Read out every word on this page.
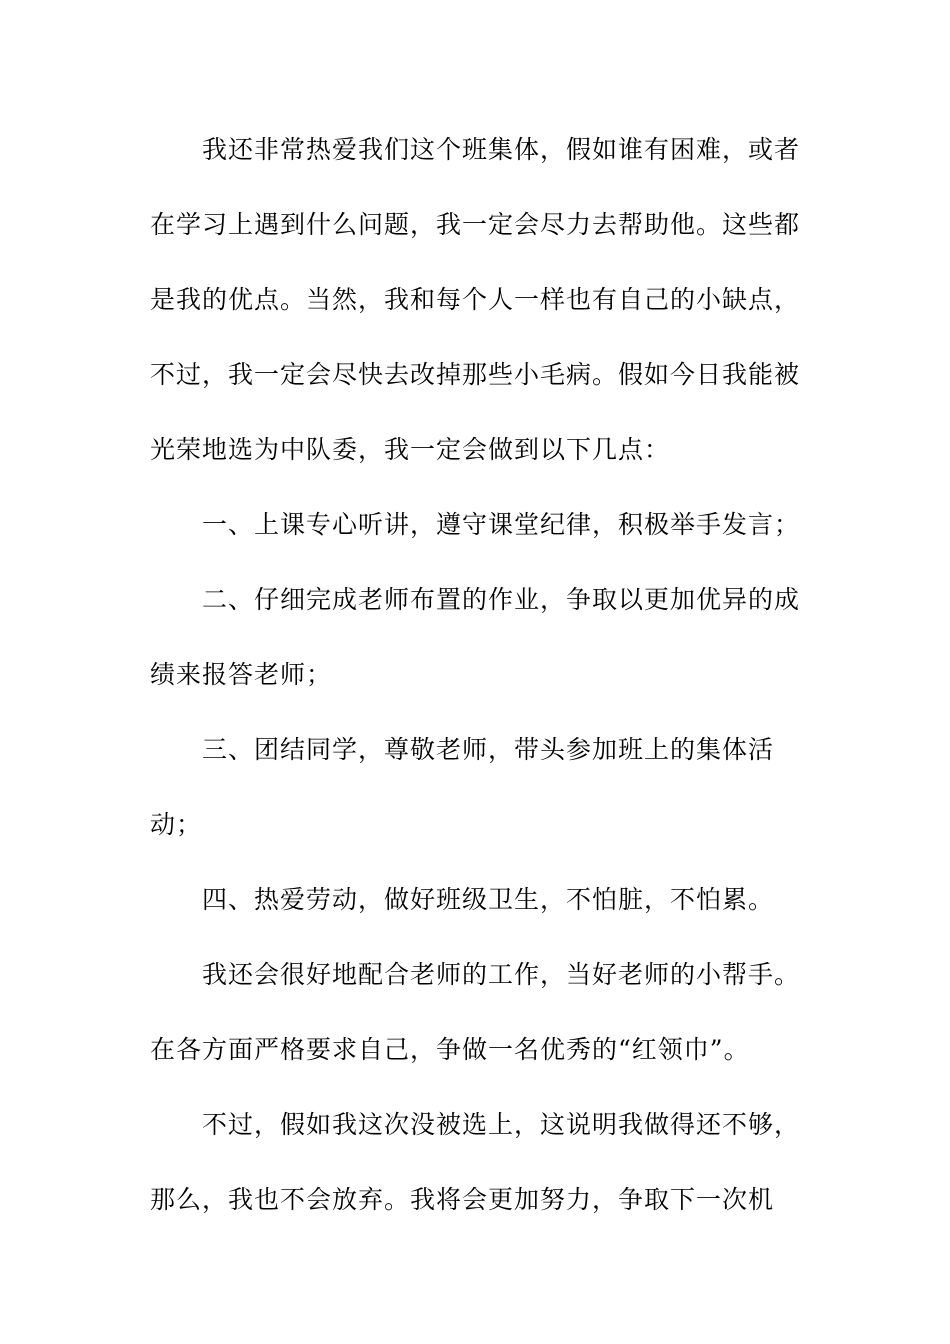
我还非常热爱我们这个班集体，假如谁有困难，或者
在学习上遇到什么问题，我一定会尽力去帮助他。这些都
是我的优点。当然，我和每个人一样也有自己的小缺点，
不过，我一定会尽快去改掉那些小毛病。假如今日我能被
光荣地选为中队委，我一定会做到以下几点：
一、上课专心听讲，遵守课堂纪律，积极举手发言；
二、仔细完成老师布置的作业，争取以更加优异的成
绩来报答老师；
三、团结同学，尊敬老师，带头参加班上的集体活
动；
四、热爱劳动，做好班级卫生，不怕脏，不怕累。
我还会很好地配合老师的工作，当好老师的小帮手。
在各方面严格要求自己，争做一名优秀的“红领巾”。
不过，假如我这次没被选上，这说明我做得还不够，
那么，我也不会放弃。我将会更加努力，争取下一次机
